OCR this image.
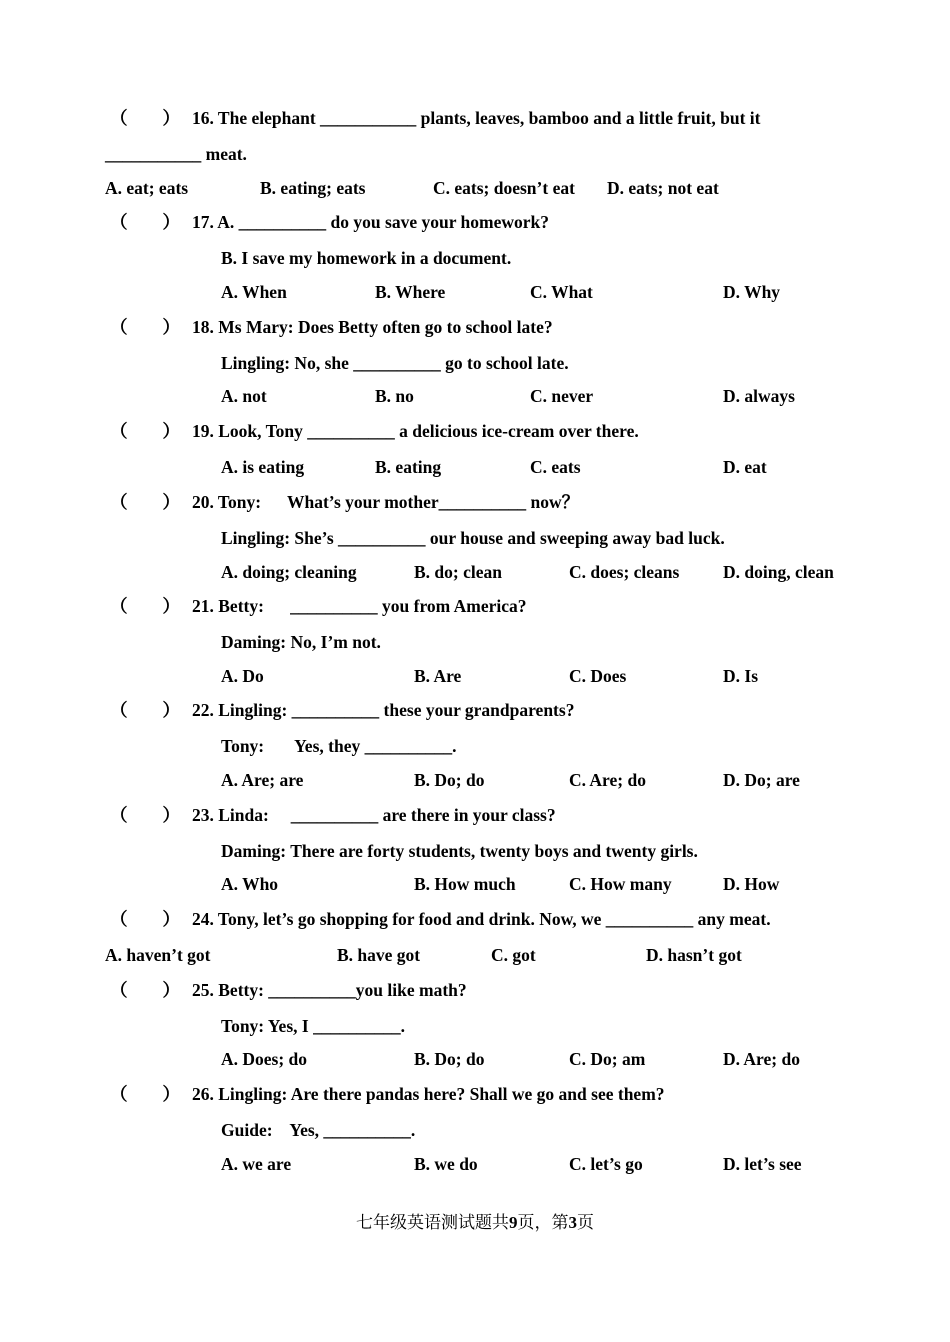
（　　） 16. The elephant ___________ plants, leaves, bamboo and a little fruit, but it
___________ meat.
A. eat; eats	B. eating; eats	C. eats; doesn’t eat D. eats; not eat
（　　） 17. A. __________ do you save your homework?
B. I save my homework in a document.
A. When	B. Where	C. What	D. Why
（　　） 18. Ms Mary: Does Betty often go to school late?
Lingling: No, she __________ go to school late.
A. not	B. no	C. never	D. always
（　　） 19. Look, Tony __________ a delicious ice-cream over there.
A. is eating	B. eating	C. eats	D. eat
（　　） 20. Tony:      What’s your mother__________ now？
Lingling: She’s __________ our house and sweeping away bad luck.
A. doing; cleaning	B. do; clean	C. does; cleans D. doing, clean
（　　） 21. Betty:      __________ you from America?
Daming: No, I’m not.
A. Do	B. Are	C. Does	D. Is
（　　） 22. Lingling: __________ these your grandparents?
Tony:       Yes, they __________.
A. Are; are	B. Do; do	C. Are; do	D. Do; are
（　　） 23. Linda:     __________ are there in your class?
Daming: There are forty students, twenty boys and twenty girls.
A. Who	B. How much	C. How many	D. How
（　　） 24. Tony, let’s go shopping for food and drink. Now, we __________ any meat.
A. haven’t got	B. have got	C. got	D. hasn’t got
（　　） 25. Betty: __________you like math?
Tony: Yes, I __________.
A. Does; do	B. Do; do	C. Do; am	D. Are; do
（　　） 26. Lingling: Are there pandas here? Shall we go and see them?
Guide:    Yes, __________.
A. we are	B. we do	C. let’s go	D. let’s see
七年级英语测试题共9页，第3页
